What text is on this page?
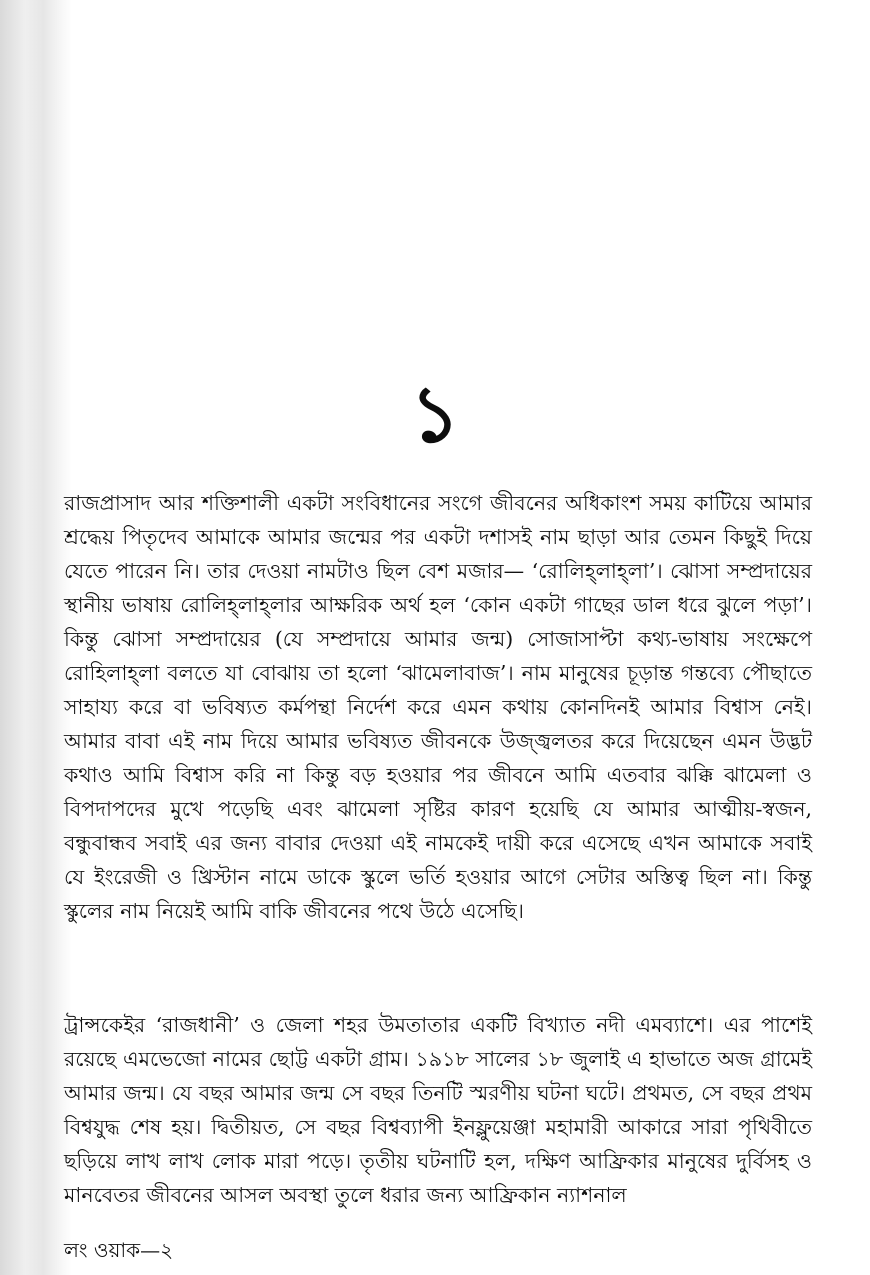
১

রাজপ্রাসাদ আর শক্তিশালী একটা সংবিধানের সংগে জীবনের অধিকাংশ সময় কাটিয়ে আমার শ্রদ্ধেয় পিতৃদেব আমাকে আমার জন্মের পর একটা দশাসই নাম ছাড়া আর তেমন কিছুই দিয়ে যেতে পারেন নি। তার দেওয়া নামটাও ছিল বেশ মজার— ‘রোলিহ্‌লাহ্‌লা’। ঝোসা সম্প্রদায়ের স্থানীয় ভাষায় রোলিহ্‌লাহ্‌লার আক্ষরিক অর্থ হল ‘কোন একটা গাছের ডাল ধরে ঝুলে পড়া’। কিন্তু ঝোসা সম্প্রদায়ের (যে সম্প্রদায়ে আমার জন্ম) সোজাসাপ্টা কথ্য-ভাষায় সংক্ষেপে রোহিলাহ্‌লা বলতে যা বোঝায় তা হলো ‘ঝামেলাবাজ’। নাম মানুষের চূড়ান্ত গন্তব্যে পৌছাতে সাহায্য করে বা ভবিষ্যত কর্মপন্থা নির্দেশ করে এমন কথায় কোনদিনই আমার বিশ্বাস নেই। আমার বাবা এই নাম দিয়ে আমার ভবিষ্যত জীবনকে উজ্জ্বলতর করে দিয়েছেন এমন উদ্ভট কথাও আমি বিশ্বাস করি না কিন্তু বড় হওয়ার পর জীবনে আমি এতবার ঝক্কি ঝামেলা ও বিপদাপদের মুখে পড়েছি এবং ঝামেলা সৃষ্টির কারণ হয়েছি যে আমার আত্মীয়-স্বজন, বন্ধুবান্ধব সবাই এর জন্য বাবার দেওয়া এই নামকেই দায়ী করে এসেছে এখন আমাকে সবাই যে ইংরেজী ও খ্রিস্টান নামে ডাকে স্কুলে ভর্তি হওয়ার আগে সেটার অস্তিত্ব ছিল না। কিন্তু স্কুলের নাম নিয়েই আমি বাকি জীবনের পথে উঠে এসেছি।

ট্রান্সকেইর ‘রাজধানী’ ও জেলা শহর উমতাতার একটি বিখ্যাত নদী এমব্যাশে। এর পাশেই রয়েছে এমভেজো নামের ছোট্ট একটা গ্রাম। ১৯১৮ সালের ১৮ জুলাই এ হাভাতে অজ গ্রামেই আমার জন্ম। যে বছর আমার জন্ম সে বছর তিনটি স্মরণীয় ঘটনা ঘটে। প্রথমত, সে বছর প্রথম বিশ্বযুদ্ধ শেষ হয়। দ্বিতীয়ত, সে বছর বিশ্বব্যাপী ইনফ্লুয়েঞ্জা মহামারী আকারে সারা পৃথিবীতে ছড়িয়ে লাখ লাখ লোক মারা পড়ে। তৃতীয় ঘটনাটি হল, দক্ষিণ আফ্রিকার মানুষের দুর্বিসহ ও মানবেতর জীবনের আসল অবস্থা তুলে ধরার জন্য আফ্রিকান ন্যাশনাল

লং ওয়াক—২
